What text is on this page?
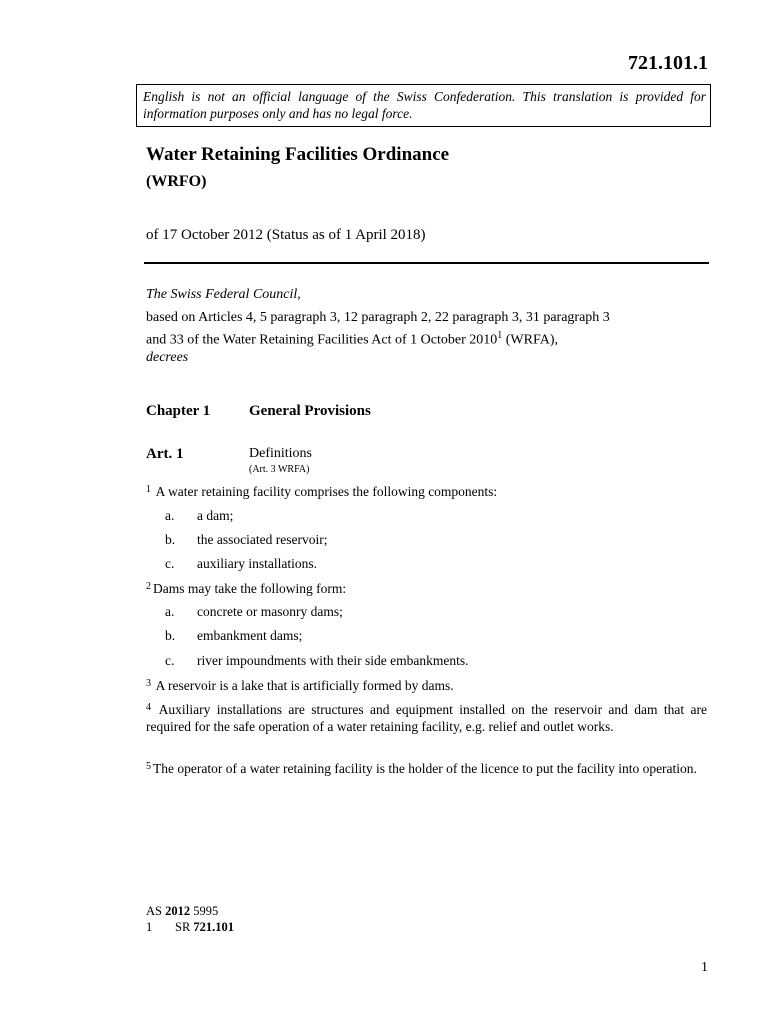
721.101.1
English is not an official language of the Swiss Confederation. This translation is provided for information purposes only and has no legal force.
Water Retaining Facilities Ordinance
(WRFO)
of 17 October 2012 (Status as of 1 April 2018)
The Swiss Federal Council,
based on Articles 4, 5 paragraph 3, 12 paragraph 2, 22 paragraph 3, 31 paragraph 3
and 33 of the Water Retaining Facilities Act of 1 October 2010$^1$ (WRFA),
decrees
Chapter 1	General Provisions
Art. 1	Definitions
(Art. 3 WRFA)
$^1$ A water retaining facility comprises the following components:
a. a dam;
b. the associated reservoir;
c. auxiliary installations.
$^2$ Dams may take the following form:
a. concrete or masonry dams;
b. embankment dams;
c. river impoundments with their side embankments.
$^3$ A reservoir is a lake that is artificially formed by dams.
$^4$ Auxiliary installations are structures and equipment installed on the reservoir and dam that are required for the safe operation of a water retaining facility, e.g. relief and outlet works.
$^5$ The operator of a water retaining facility is the holder of the licence to put the facility into operation.
AS 2012 5995
1 SR 721.101
1
